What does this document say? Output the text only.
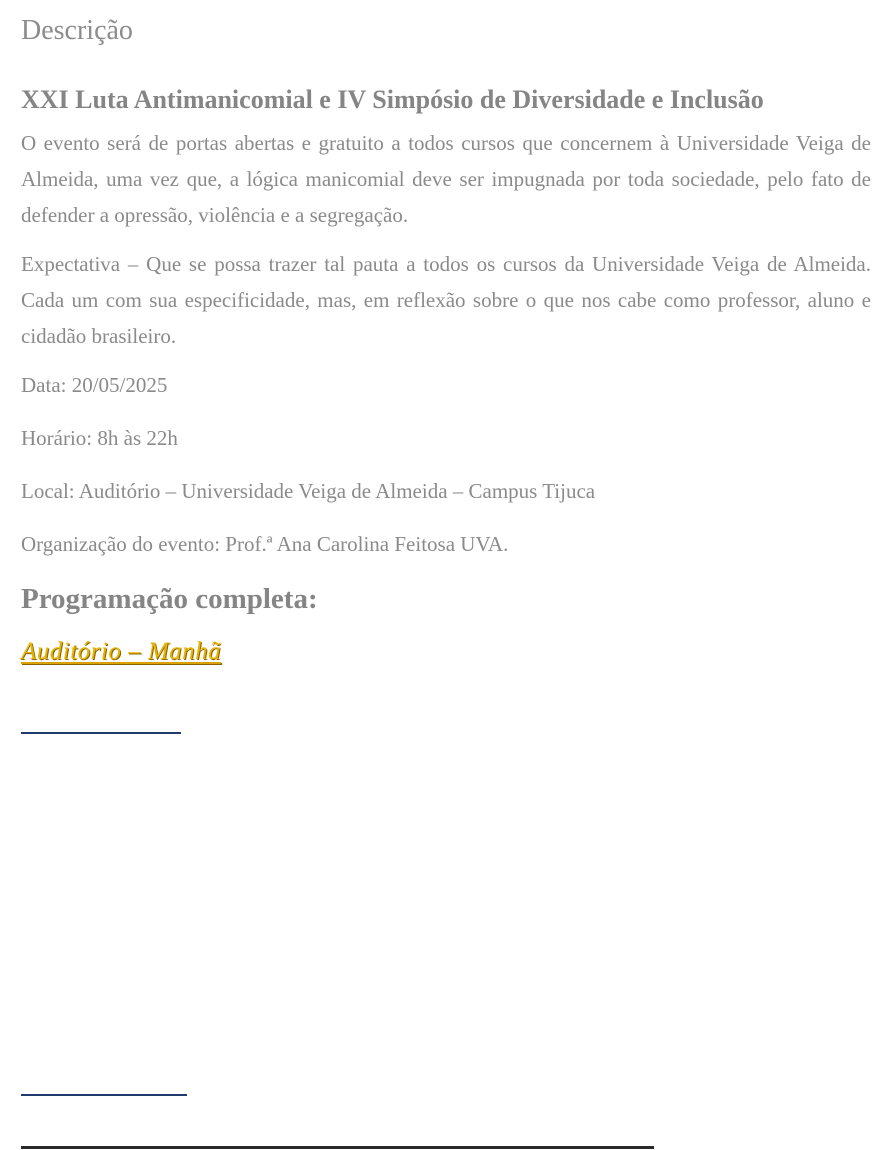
Descrição
XXI Luta Antimanicomial e IV Simpósio de Diversidade e Inclusão

O evento será de portas abertas e gratuito a todos cursos que concernem à Universidade Veiga de Almeida, uma vez que, a lógica manicomial deve ser impugnada por toda sociedade, pelo fato de defender a opressão, violência e a segregação.

Expectativa – Que se possa trazer tal pauta a todos os cursos da Universidade Veiga de Almeida. Cada um com sua especificidade, mas, em reflexão sobre o que nos cabe como professor, aluno e cidadão brasileiro.

Data: 20/05/2025

Horário: 8h às 22h

Local: Auditório – Universidade Veiga de Almeida – Campus Tijuca

Organização do evento: Prof.ª Ana Carolina Feitosa UVA.

Programação completa:
Auditório – Manhã
